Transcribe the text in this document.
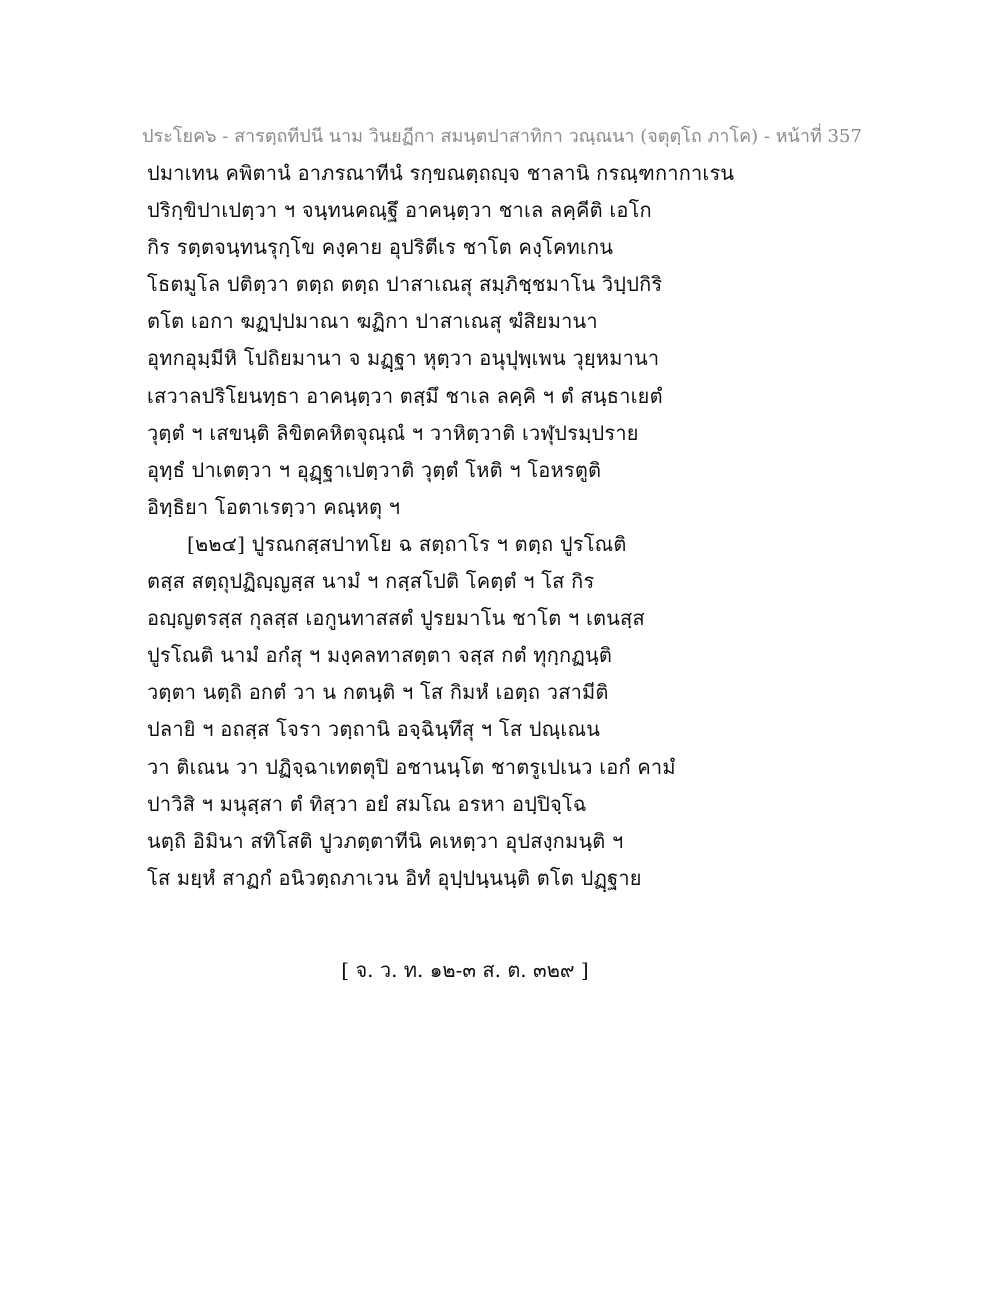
ประโยค๖ - สารตฺถทีปนี นาม วินยฏีกา สมนฺตปาสาทิกา วณฺณนา (จตุตฺโถ ภาโค) - หน้าที่ 357
ปมาเทน คพิตานํ อาภรณาทีนํ รกฺขณตฺถญฺจ ชาลานิ กรณฺฑกากาเรน
ปริกฺขิปาเปตฺวา ฯ จนฺทนคณฺฐึ อาคนฺตฺวา ชาเล ลคฺคีติ เอโก
กิร รตฺตจนฺทนรุกฺโข คงฺคาย อุปริตีเร ชาโต คงฺโคทเกน
โธตมูโล ปติตฺวา ตตฺถ ตตฺถ ปาสาเณสุ สมฺภิชฺชมาโน วิปฺปกิริ
ตโต เอกา ฆฏปฺปมาณา ฆฏิกา ปาสาเณสุ ฆํสิยมานา
อุทกอุมฺมีหิ โปถิยมานา จ มฏฺฐา หุตฺวา อนุปุพฺเพน วุยฺหมานา
เสวาลปริโยนทฺธา อาคนฺตฺวา ตสฺมึ ชาเล ลคฺคิ ฯ ตํ สนฺธาเยตํ
วุตฺตํ ฯ เสขนฺติ ลิขิตคหิตจุณฺณํ ฯ วาหิตฺวาติ เวฬุปรมฺปราย
อุทฺธํ ปาเตตฺวา ฯ อุฏฺฐาเปตฺวาติ วุตฺตํ โหติ ฯ โอหรตูติ
อิทฺธิยา โอตาเรตฺวา คณฺหตุ ฯ
[๒๒๔] ปูรณกสฺสปาทโย ฉ สตฺถาโร ฯ ตตฺถ ปูรโณติ
ตสฺส สตฺถุปฏิญฺญสฺส นามํ ฯ กสฺสโปติ โคตฺตํ ฯ โส กิร
อญฺญตรสฺส กุลสฺส เอกูนทาสสตํ ปูรยมาโน ชาโต ฯ เตนสฺส
ปูรโณติ นามํ อกํสุ ฯ มงฺคลทาสตฺตา จสฺส กตํ ทุกฺกฏนฺติ
วตฺตา นตฺถิ อกตํ วา น กตนฺติ ฯ โส กิมหํ เอตฺถ วสามีติ
ปลายิ ฯ อถสฺส โจรา วตฺถานิ อจฺฉินฺทึสุ ฯ โส ปณฺเณน
วา ติเณน วา ปฏิจฺฉาเทตตุปิ อชานนฺโต ชาตรูเปเนว เอกํ คามํ
ปาวิสิ ฯ มนุสฺสา ตํ ทิสฺวา อยํ สมโณ อรหา อปฺปิจฺโฉ
นตฺถิ อิมินา สทิโสติ ปูวภตฺตาทีนิ คเหตฺวา อุปสงฺกมนฺติ ฯ
โส มยฺหํ สาฏกํ อนิวตฺถภาเวน อิทํ อุปฺปนฺนนฺติ ตโต ปฏฺฐาย
[ จ. ว. ท. ๑๒-๓ ส. ต. ๓๒๙ ]
